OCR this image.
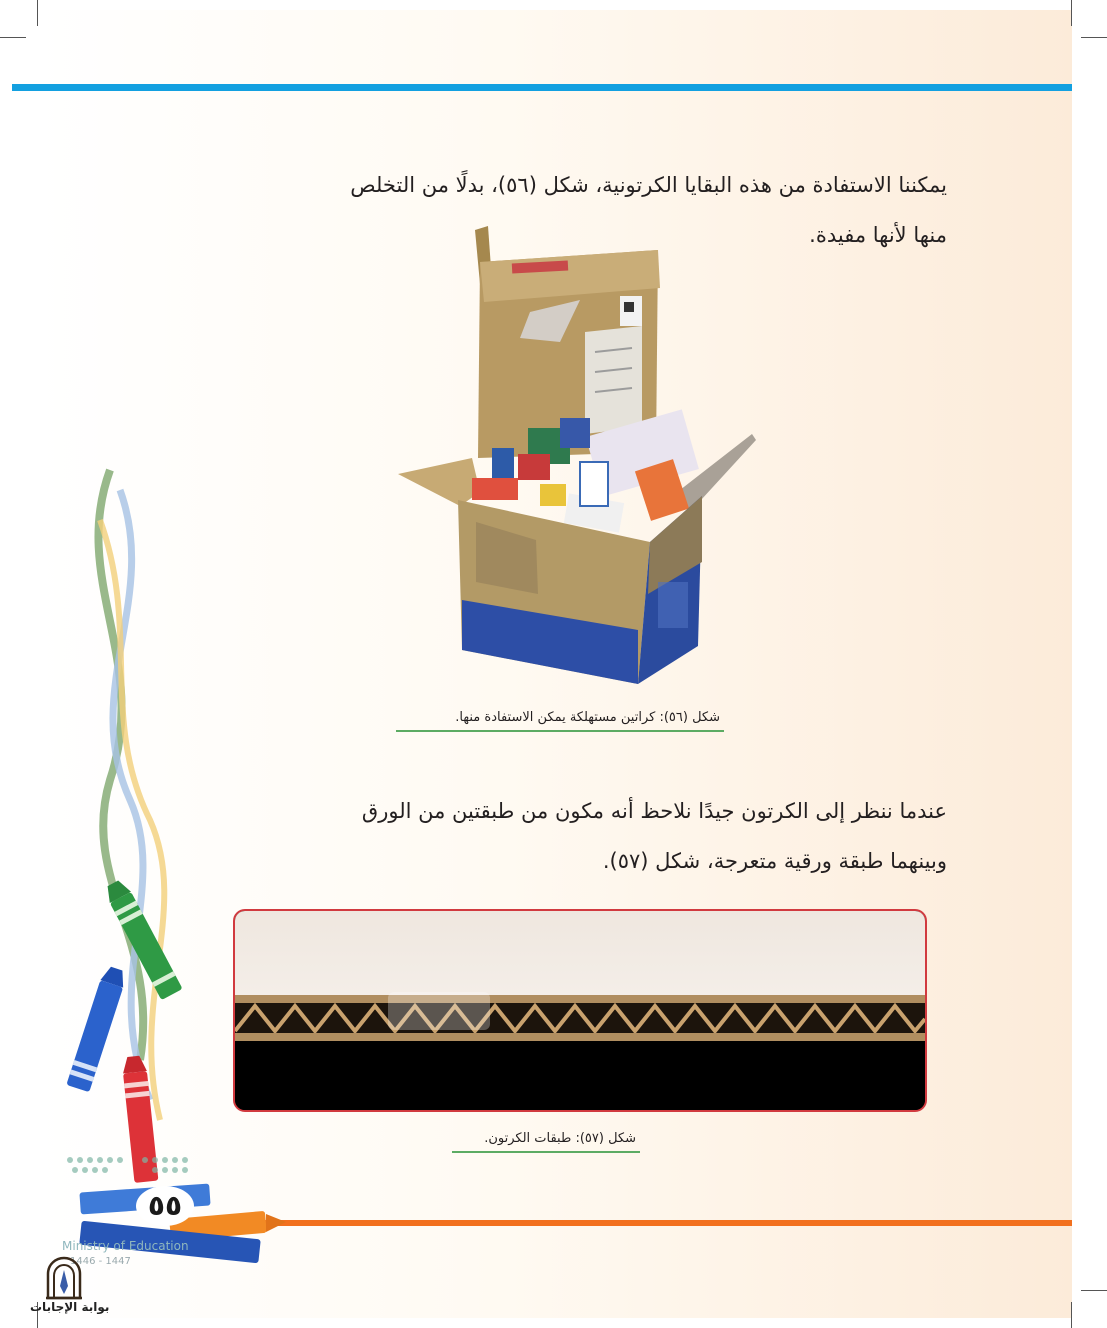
يمكننا الاستفادة من هذه البقايا الكرتونية، شكل (٥٦)، بدلًا من التخلص
منها لأنها مفيدة.
شكل (٥٦): كراتين مستهلكة يمكن الاستفادة منها.
عندما ننظر إلى الكرتون جيدًا نلاحظ أنه مكون من طبقتين من الورق
وبينهما طبقة ورقية متعرجة، شكل (٥٧).
شكل (٥٧): طبقات الكرتون.
٥٥
Ministry of Education
1446 - 1447
بوابة الإجابات
